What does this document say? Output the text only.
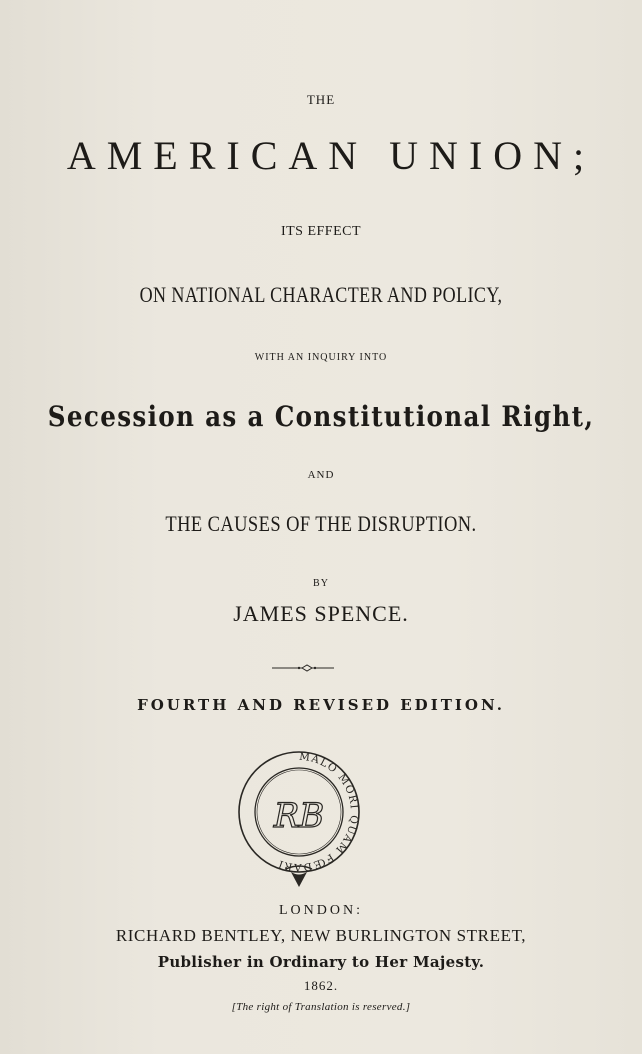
THE
AMERICAN UNION;
ITS EFFECT
ON NATIONAL CHARACTER AND POLICY,
WITH AN INQUIRY INTO
Secession as a Constitutional Right,
AND
THE CAUSES OF THE DISRUPTION.
BY
JAMES SPENCE.
FOURTH AND REVISED EDITION.
MALO MORI QUAM FŒDARI
RB
LONDON:
RICHARD BENTLEY, NEW BURLINGTON STREET,
Publisher in Ordinary to Her Majesty.
1862.
[The right of Translation is reserved.]
